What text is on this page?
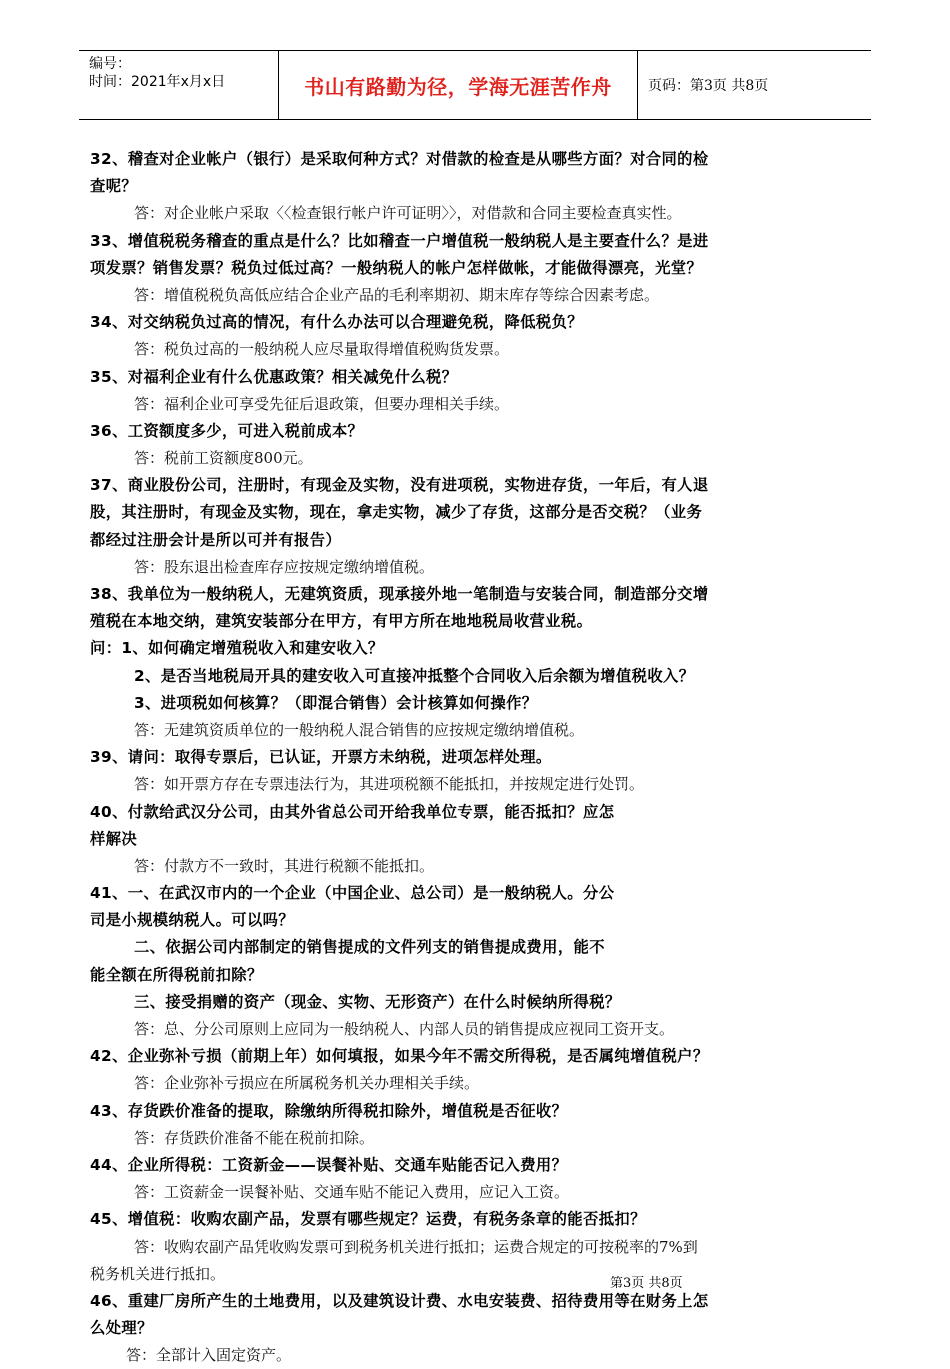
编号：
时间：2021年x月x日	书山有路勤为径，学海无涯苦作舟	页码：第3页 共8页
32、稽查对企业帐户（银行）是采取何种方式？对借款的检查是从哪些方面？对合同的检
查呢？
答：对企业帐户采取〈〈检查银行帐户许可证明〉〉，对借款和合同主要检查真实性。
33、增值税税务稽查的重点是什么？比如稽查一户增值税一般纳税人是主要查什么？是进
项发票？销售发票？税负过低过高？一般纳税人的帐户怎样做帐，才能做得漂亮，光堂？
答：增值税税负高低应结合企业产品的毛利率期初、期末库存等综合因素考虑。
34、对交纳税负过高的情况，有什么办法可以合理避免税，降低税负？
答：税负过高的一般纳税人应尽量取得增值税购货发票。
35、对福利企业有什么优惠政策？相关减免什么税？
答：福利企业可享受先征后退政策，但要办理相关手续。
36、工资额度多少，可进入税前成本？
答：税前工资额度800元。
37、商业股份公司，注册时，有现金及实物，没有进项税，实物进存货，一年后，有人退
股，其注册时，有现金及实物，现在，拿走实物，减少了存货，这部分是否交税？（业务
都经过注册会计是所以可并有报告）
答：股东退出检查库存应按规定缴纳增值税。
38、我单位为一般纳税人，无建筑资质，现承接外地一笔制造与安装合同，制造部分交增
殖税在本地交纳，建筑安装部分在甲方，有甲方所在地地税局收营业税。
问：1、如何确定增殖税收入和建安收入？
2、是否当地税局开具的建安收入可直接冲抵整个合同收入后余额为增值税收入？
3、进项税如何核算？（即混合销售）会计核算如何操作？
答：无建筑资质单位的一般纳税人混合销售的应按规定缴纳增值税。
39、请问：取得专票后，已认证，开票方未纳税，进项怎样处理。
答：如开票方存在专票违法行为，其进项税额不能抵扣，并按规定进行处罚。
40、付款给武汉分公司，由其外省总公司开给我单位专票，能否抵扣？应怎
样解决
答：付款方不一致时，其进行税额不能抵扣。
41、一、在武汉市内的一个企业（中国企业、总公司）是一般纳税人。分公
司是小规模纳税人。可以吗？
二、依据公司内部制定的销售提成的文件列支的销售提成费用，能不
能全额在所得税前扣除？
三、接受捐赠的资产（现金、实物、无形资产）在什么时候纳所得税？
答：总、分公司原则上应同为一般纳税人、内部人员的销售提成应视同工资开支。
42、企业弥补亏损（前期上年）如何填报，如果今年不需交所得税，是否属纯增值税户？
答：企业弥补亏损应在所属税务机关办理相关手续。
43、存货跌价准备的提取，除缴纳所得税扣除外，增值税是否征收？
答：存货跌价准备不能在税前扣除。
44、企业所得税：工资新金——误餐补贴、交通车贴能否记入费用？
答：工资薪金一误餐补贴、交通车贴不能记入费用，应记入工资。
45、增值税：收购农副产品，发票有哪些规定？运费，有税务条章的能否抵扣？
答：收购农副产品凭收购发票可到税务机关进行抵扣；运费合规定的可按税率的7%到
税务机关进行抵扣。
46、重建厂房所产生的土地费用，以及建筑设计费、水电安装费、招待费用等在财务上怎
么处理？
答：全部计入固定资产。
第3页 共8页
